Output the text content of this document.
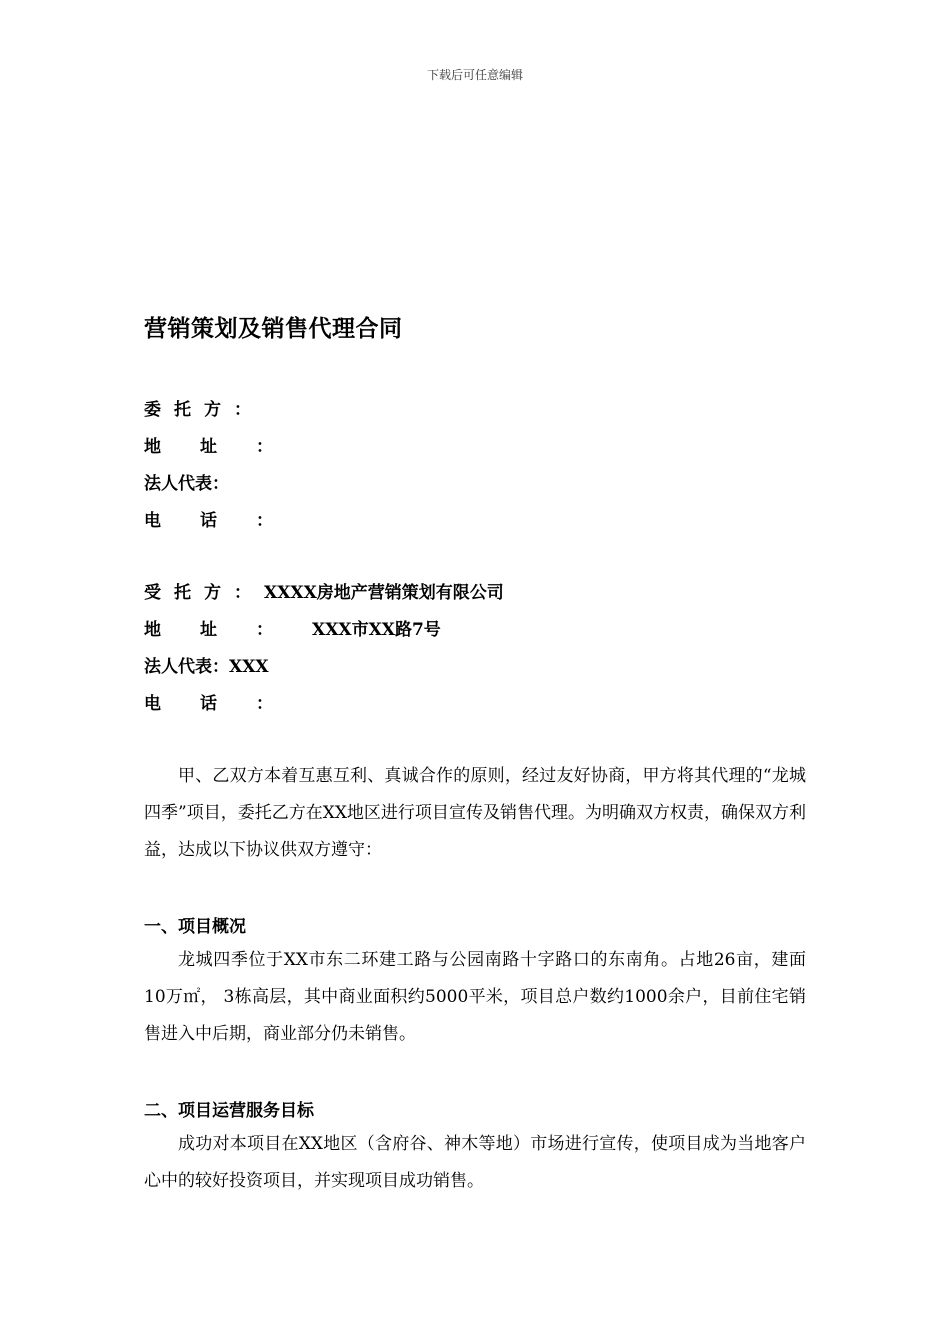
下载后可任意编辑
营销策划及销售代理合同
委托方：
地址：
法人代表：
电话：
受托方：XXXX房地产营销策划有限公司
地址：XXX市XX路7号
法人代表：XXX
电话：
甲、乙双方本着互惠互利、真诚合作的原则，经过友好协商，甲方将其代理的“龙城四季”项目，委托乙方在XX地区进行项目宣传及销售代理。为明确双方权责，确保双方利益，达成以下协议供双方遵守：
一、项目概况
龙城四季位于XX市东二环建工路与公园南路十字路口的东南角。占地26亩，建面10万㎡， 3栋高层，其中商业面积约5000平米，项目总户数约1000余户，目前住宅销售进入中后期，商业部分仍未销售。
二、项目运营服务目标
成功对本项目在XX地区（含府谷、神木等地）市场进行宣传，使项目成为当地客户心中的较好投资项目，并实现项目成功销售。
